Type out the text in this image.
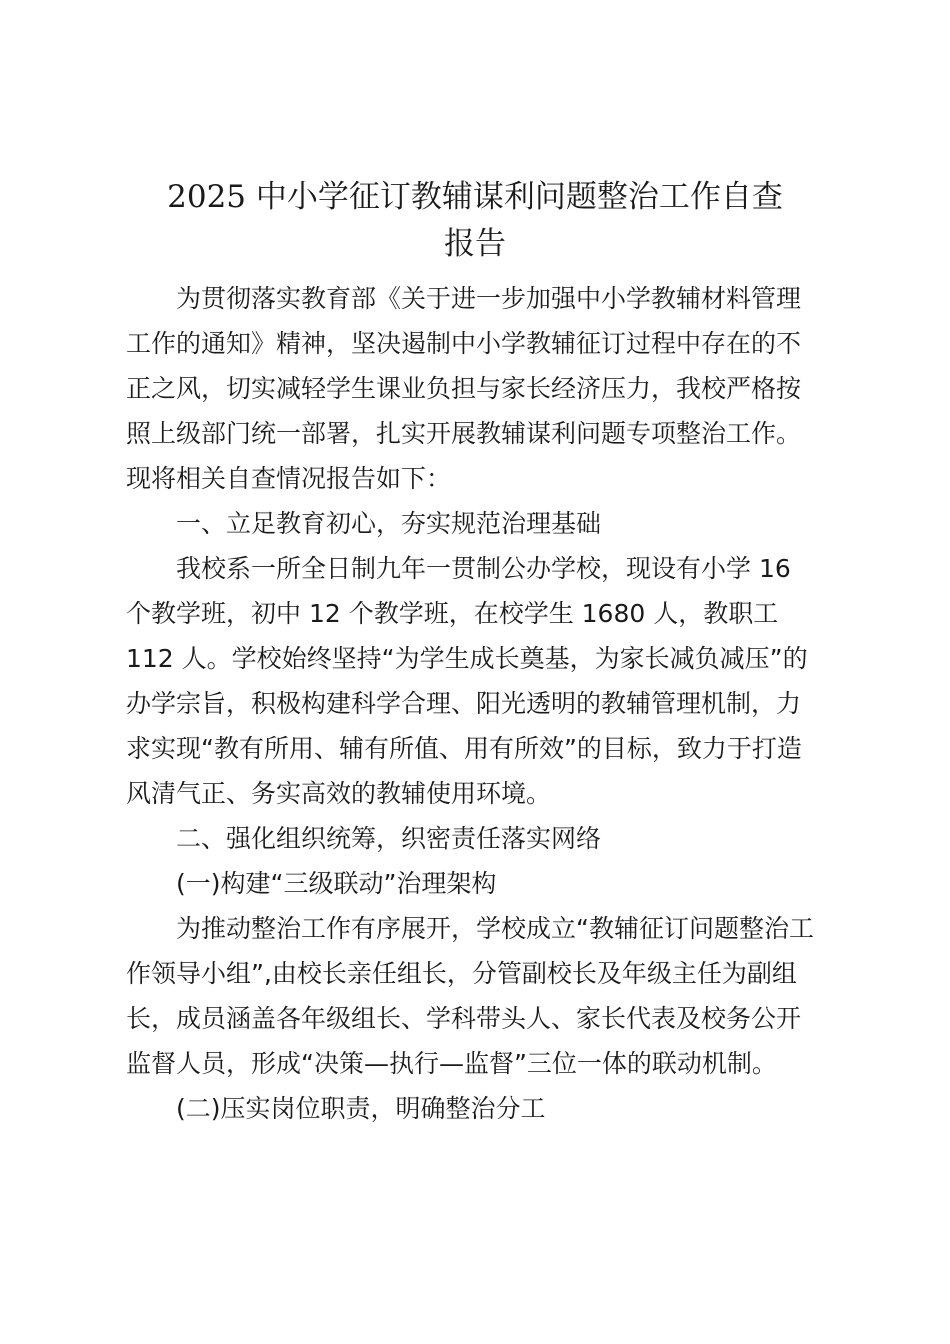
2025 中小学征订教辅谋利问题整治工作自查
报告

为贯彻落实教育部《关于进一步加强中小学教辅材料管理

工作的通知》精神，坚决遏制中小学教辅征订过程中存在的不

正之风，切实减轻学生课业负担与家长经济压力，我校严格按

照上级部门统一部署，扎实开展教辅谋利问题专项整治工作。

现将相关自查情况报告如下：

一、立足教育初心，夯实规范治理基础

我校系一所全日制九年一贯制公办学校，现设有小学 16

个教学班，初中 12 个教学班，在校学生 1680 人，教职工

112 人。学校始终坚持“为学生成长奠基，为家长减负减压”的

办学宗旨，积极构建科学合理、阳光透明的教辅管理机制，力

求实现“教有所用、辅有所值、用有所效”的目标，致力于打造

风清气正、务实高效的教辅使用环境。

二、强化组织统筹，织密责任落实网络

(一)构建“三级联动”治理架构

为推动整治工作有序展开，学校成立“教辅征订问题整治工

作领导小组”,由校长亲任组长，分管副校长及年级主任为副组

长，成员涵盖各年级组长、学科带头人、家长代表及校务公开

监督人员，形成“决策—执行—监督”三位一体的联动机制。

(二)压实岗位职责，明确整治分工
